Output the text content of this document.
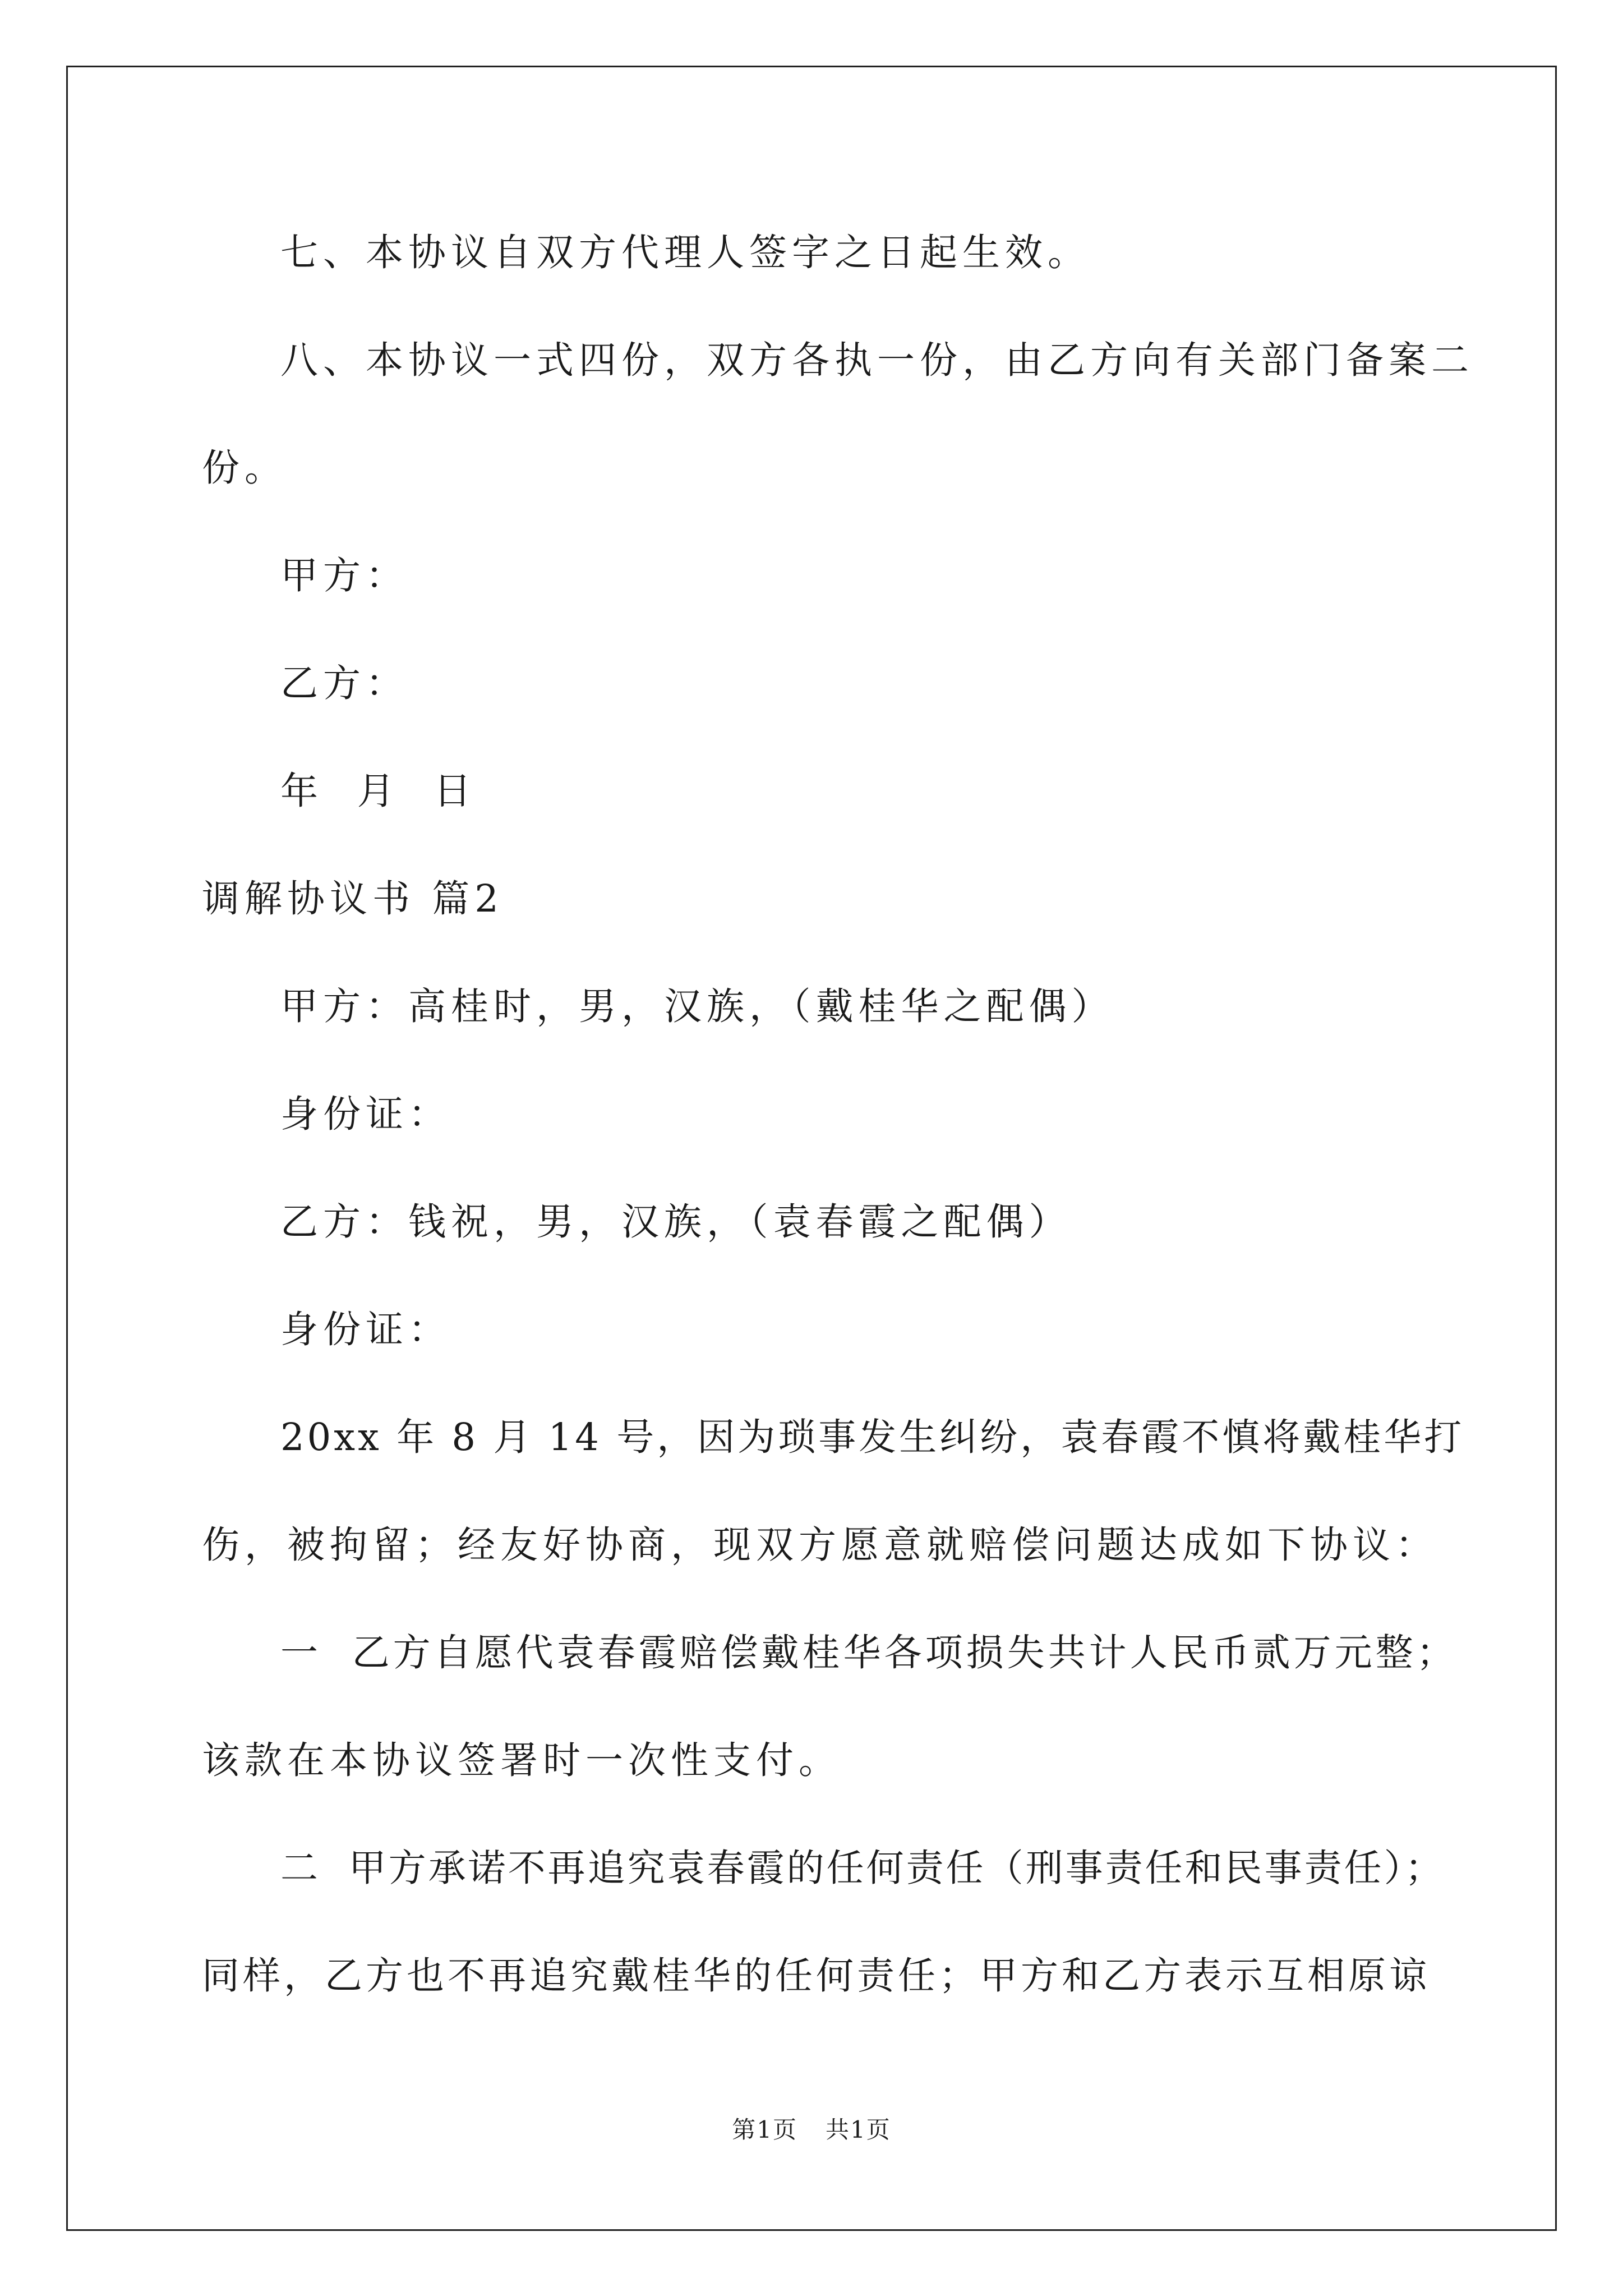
七、本协议自双方代理人签字之日起生效。
八、本协议一式四份，双方各执一份，由乙方向有关部门备案二
份。
甲方：
乙方：
年  月  日
调解协议书 篇2
甲方：高桂时，男，汉族，（戴桂华之配偶）
身份证：
乙方：钱祝，男，汉族，（袁春霞之配偶）
身份证：
20xx 年 8 月 14 号，因为琐事发生纠纷，袁春霞不慎将戴桂华打
伤，被拘留；经友好协商，现双方愿意就赔偿问题达成如下协议：
一  乙方自愿代袁春霞赔偿戴桂华各项损失共计人民币贰万元整；
该款在本协议签署时一次性支付。
二  甲方承诺不再追究袁春霞的任何责任（刑事责任和民事责任）；
同样，乙方也不再追究戴桂华的任何责任；甲方和乙方表示互相原谅
第1页 共1页
